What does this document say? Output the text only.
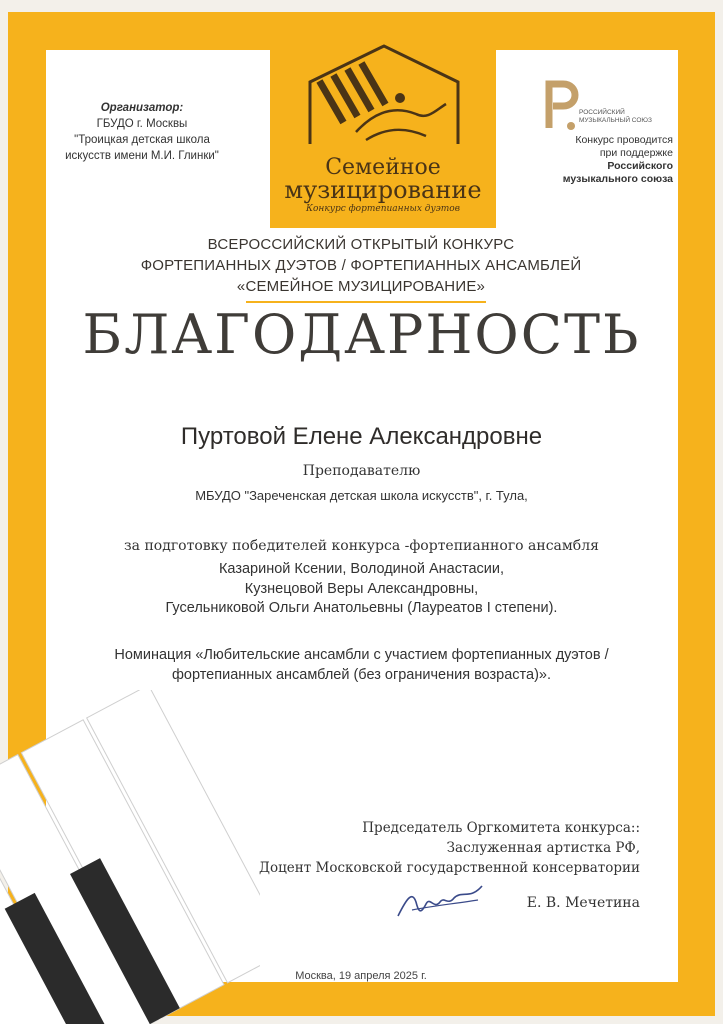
Организатор:
ГБУДО г. Москвы
"Троицкая детская школа
искусств имени М.И. Глинки"	Семейное
музицирование
Конкурс фортепианных дуэтов
РОССИЙСКИЙ
МУЗЫКАЛЬНЫЙ СОЮЗ
Конкурс проводится
при поддержке
Российского
музыкального союза
ВСЕРОССИЙСКИЙ ОТКРЫТЫЙ КОНКУРС
ФОРТЕПИАННЫХ ДУЭТОВ / ФОРТЕПИАННЫХ АНСАМБЛЕЙ
«СЕМЕЙНОЕ МУЗИЦИРОВАНИЕ»
БЛАГОДАРНОСТЬ
Пуртовой Елене Александровне
Преподавателю
МБУДО "Зареченская детская школа искусств", г. Тула,
за подготовку победителей конкурса -фортепианного ансамбля
Казариной Ксении, Володиной Анастасии,
Кузнецовой Веры Александровны,
Гусельниковой Ольги Анатольевны (Лауреатов I степени).
Номинация «Любительские ансамбли с участием фортепианных дуэтов /
фортепианных ансамблей (без ограничения возраста)».
Председатель Оргкомитета конкурса::
Заслуженная артистка РФ,
Доцент Московской государственной консерватории
Е. В. Мечетина
Москва, 19 апреля 2025 г.
